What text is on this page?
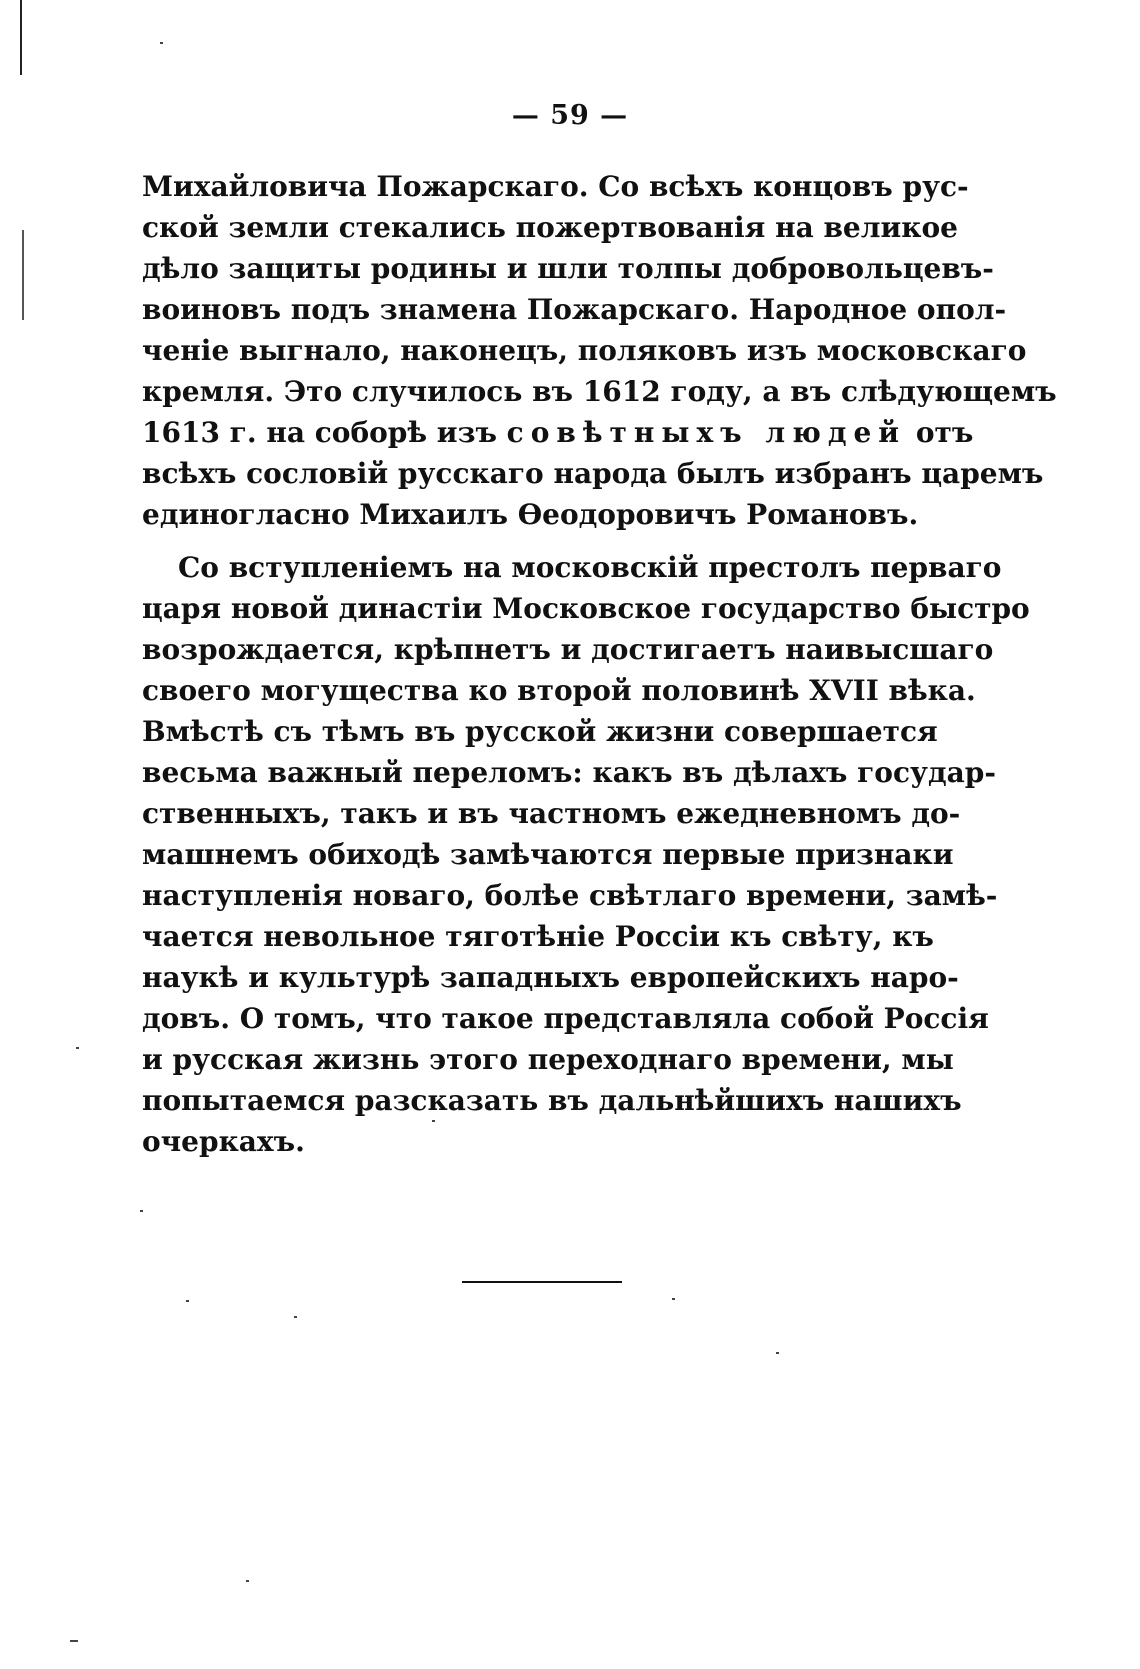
— 59 —
Михайловича Пожарскаго. Со всѣхъ концовъ рус-
ской земли стекались пожертвованія на великое
дѣло защиты родины и шли толпы добровольцевъ-
воиновъ подъ знамена Пожарскаго. Народное опол-
ченіе выгнало, наконецъ, поляковъ изъ московскаго
кремля. Это случилось въ 1612 году, а въ слѣдующемъ
1613 г. на соборѣ изъ совѣтныхъ людей отъ
всѣхъ сословій русскаго народа былъ избранъ царемъ
единогласно Михаилъ Ѳеодоровичъ Романовъ.
Со вступленіемъ на московскій престолъ перваго
царя новой династіи Московское государство быстро
возрождается, крѣпнетъ и достигаетъ наивысшаго
своего могущества ко второй половинѣ XVII вѣка.
Вмѣстѣ съ тѣмъ въ русской жизни совершается
весьма важный переломъ: какъ въ дѣлахъ государ-
ственныхъ, такъ и въ частномъ ежедневномъ до-
машнемъ обиходѣ замѣчаются первые признаки
наступленія новаго, болѣе свѣтлаго времени, замѣ-
чается невольное тяготѣніе Россіи къ свѣту, къ
наукѣ и культурѣ западныхъ европейскихъ наро-
довъ. О томъ, что такое представляла собой Россія
и русская жизнь этого переходнаго времени, мы
попытаемся разсказать въ дальнѣйшихъ нашихъ
очеркахъ.
